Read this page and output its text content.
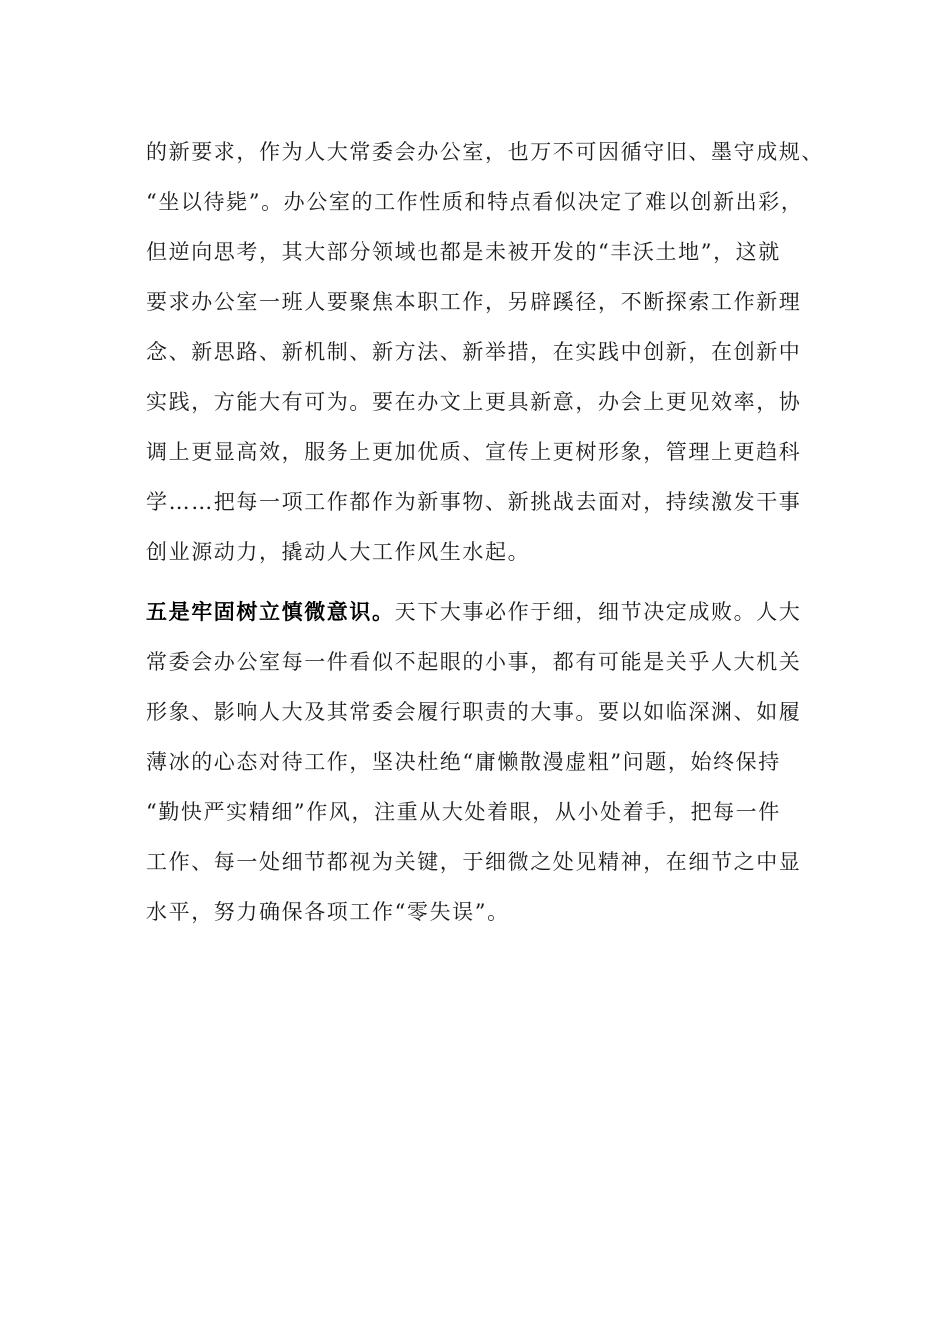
的新要求，作为人大常委会办公室，也万不可因循守旧、墨守成规、
“坐以待毙”。办公室的工作性质和特点看似决定了难以创新出彩，
但逆向思考，其大部分领域也都是未被开发的“丰沃土地”，这就
要求办公室一班人要聚焦本职工作，另辟蹊径，不断探索工作新理
念、新思路、新机制、新方法、新举措，在实践中创新，在创新中
实践，方能大有可为。要在办文上更具新意，办会上更见效率，协
调上更显高效，服务上更加优质、宣传上更树形象，管理上更趋科
学……把每一项工作都作为新事物、新挑战去面对，持续激发干事
创业源动力，撬动人大工作风生水起。
五是牢固树立慎微意识。天下大事必作于细，细节决定成败。人大
常委会办公室每一件看似不起眼的小事，都有可能是关乎人大机关
形象、影响人大及其常委会履行职责的大事。要以如临深渊、如履
薄冰的心态对待工作，坚决杜绝“庸懒散漫虚粗”问题，始终保持
“勤快严实精细”作风，注重从大处着眼，从小处着手，把每一件
工作、每一处细节都视为关键，于细微之处见精神，在细节之中显
水平，努力确保各项工作“零失误”。
